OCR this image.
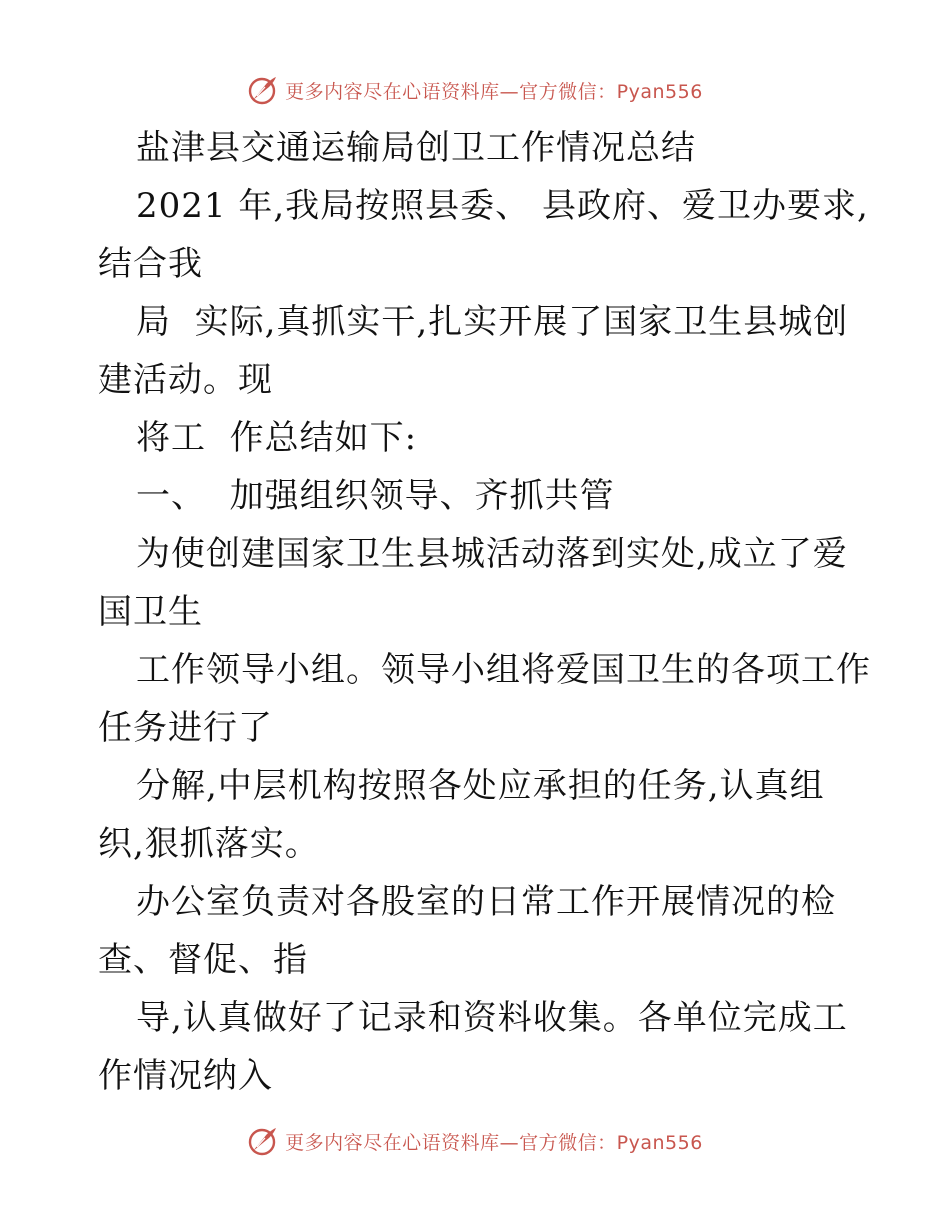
更多内容尽在心语资料库—官方微信：Pyan556
盐津县交通运输局创卫工作情况总结
2021 年,我局按照县委、 县政府、爱卫办要求,
结合我
局  实际,真抓实干,扎实开展了国家卫生县城创
建活动。现
将工  作总结如下:
一、  加强组织领导、齐抓共管
为使创建国家卫生县城活动落到实处,成立了爱
国卫生
工作领导小组。领导小组将爱国卫生的各项工作
任务进行了
分解,中层机构按照各处应承担的任务,认真组
织,狠抓落实。
办公室负责对各股室的日常工作开展情况的检
查、督促、指
导,认真做好了记录和资料收集。各单位完成工
作情况纳入
更多内容尽在心语资料库—官方微信：Pyan556
